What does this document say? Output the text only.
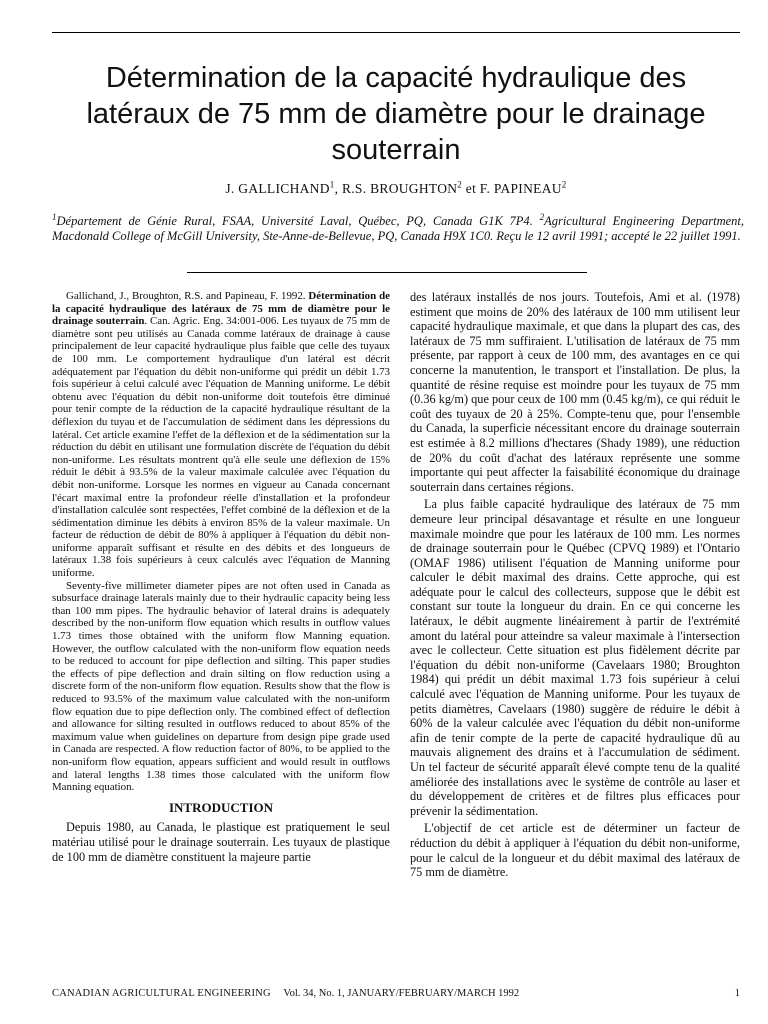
Détermination de la capacité hydraulique des latéraux de 75 mm de diamètre pour le drainage souterrain
J. GALLICHAND$^1$, R.S. BROUGHTON$^2$ et F. PAPINEAU$^2$
$^1$Département de Génie Rural, FSAA, Université Laval, Québec, PQ, Canada G1K 7P4. $^2$Agricultural Engineering Department, Macdonald College of McGill University, Ste-Anne-de-Bellevue, PQ, Canada H9X 1C0. Reçu le 12 avril 1991; accepté le 22 juillet 1991.

Gallichand, J., Broughton, R.S. and Papineau, F. 1992. Détermination de la capacité hydraulique des latéraux de 75 mm de diamètre pour le drainage souterrain. Can. Agric. Eng. 34:001-006. Les tuyaux de 75 mm de diamètre sont peu utilisés au Canada comme latéraux de drainage à cause principalement de leur capacité hydraulique plus faible que celle des tuyaux de 100 mm. Le comportement hydraulique d'un latéral est décrit adéquatement par l'équation du débit non-uniforme qui prédit un débit 1.73 fois supérieur à celui calculé avec l'équation de Manning uniforme. Le débit obtenu avec l'équation du débit non-uniforme doit toutefois être diminué pour tenir compte de la réduction de la capacité hydraulique résultant de la déflexion du tuyau et de l'accumulation de sédiment dans les dépressions du latéral. Cet article examine l'effet de la déflexion et de la sédimentation sur la réduction du débit en utilisant une formulation discrète de l'équation du débit non-uniforme. Les résultats montrent qu'à elle seule une déflexion de 15% réduit le débit à 93.5% de la valeur maximale calculée avec l'équation du débit non-uniforme. Lorsque les normes en vigueur au Canada concernant l'écart maximal entre la profondeur réelle d'installation et la profondeur d'installation calculée sont respectées, l'effet combiné de la déflexion et de la sédimentation diminue les débits à environ 85% de la valeur maximale. Un facteur de réduction de débit de 80% à appliquer à l'équation du débit non-uniforme apparaît suffisant et résulte en des débits et des longueurs de latéraux 1.38 fois supérieurs à ceux calculés avec l'équation de Manning uniforme.

Seventy-five millimeter diameter pipes are not often used in Canada as subsurface drainage laterals mainly due to their hydraulic capacity being less than 100 mm pipes. The hydraulic behavior of lateral drains is adequately described by the non-uniform flow equation which results in outflow values 1.73 times those obtained with the uniform flow Manning equation. However, the outflow calculated with the non-uniform flow equation needs to be reduced to account for pipe deflection and silting. This paper studies the effects of pipe deflection and drain silting on flow reduction using a discrete form of the non-uniform flow equation. Results show that the flow is reduced to 93.5% of the maximum value calculated with the non-uniform flow equation due to pipe deflection only. The combined effect of deflection and allowance for silting resulted in outflows reduced to about 85% of the maximum value when guidelines on departure from design pipe grade used in Canada are respected. A flow reduction factor of 80%, to be applied to the non-uniform flow equation, appears sufficient and would result in outflows and lateral lengths 1.38 times those calculated with the uniform flow Manning equation.

INTRODUCTION

Depuis 1980, au Canada, le plastique est pratiquement le seul matériau utilisé pour le drainage souterrain. Les tuyaux de plastique de 100 mm de diamètre constituent la majeure partie

des latéraux installés de nos jours. Toutefois, Ami et al. (1978) estiment que moins de 20% des latéraux de 100 mm utilisent leur capacité hydraulique maximale, et que dans la plupart des cas, des latéraux de 75 mm suffiraient. L'utilisation de latéraux de 75 mm présente, par rapport à ceux de 100 mm, des avantages en ce qui concerne la manutention, le transport et l'installation. De plus, la quantité de résine requise est moindre pour les tuyaux de 75 mm (0.36 kg/m) que pour ceux de 100 mm (0.45 kg/m), ce qui réduit le coût des tuyaux de 20 à 25%. Compte-tenu que, pour l'ensemble du Canada, la superficie nécessitant encore du drainage souterrain est estimée à 8.2 millions d'hectares (Shady 1989), une réduction de 20% du coût d'achat des latéraux représente une somme importante qui peut affecter la faisabilité économique du drainage souterrain dans certaines régions.

La plus faible capacité hydraulique des latéraux de 75 mm demeure leur principal désavantage et résulte en une longueur maximale moindre que pour les latéraux de 100 mm. Les normes de drainage souterrain pour le Québec (CPVQ 1989) et l'Ontario (OMAF 1986) utilisent l'équation de Manning uniforme pour calculer le débit maximal des drains. Cette approche, qui est adéquate pour le calcul des collecteurs, suppose que le débit est constant sur toute la longueur du drain. En ce qui concerne les latéraux, le débit augmente linéairement à partir de l'extrémité amont du latéral pour atteindre sa valeur maximale à l'intersection avec le collecteur. Cette situation est plus fidèlement décrite par l'équation du débit non-uniforme (Cavelaars 1980; Broughton 1984) qui prédit un débit maximal 1.73 fois supérieur à celui calculé avec l'équation de Manning uniforme. Pour les tuyaux de petits diamètres, Cavelaars (1980) suggère de réduire le débit à 60% de la valeur calculée avec l'équation du débit non-uniforme afin de tenir compte de la perte de capacité hydraulique dû au mauvais alignement des drains et à l'accumulation de sédiment. Un tel facteur de sécurité apparaît élevé compte tenu de la qualité améliorée des installations avec le système de contrôle au laser et du développement de critères et de filtres plus efficaces pour prévenir la sédimentation.

L'objectif de cet article est de déterminer un facteur de réduction du débit à appliquer à l'équation du débit non-uniforme, pour le calcul de la longueur et du débit maximal des latéraux de 75 mm de diamètre.

CANADIAN AGRICULTURAL ENGINEERING Vol. 34, No. 1, JANUARY/FEBRUARY/MARCH 1992	1
